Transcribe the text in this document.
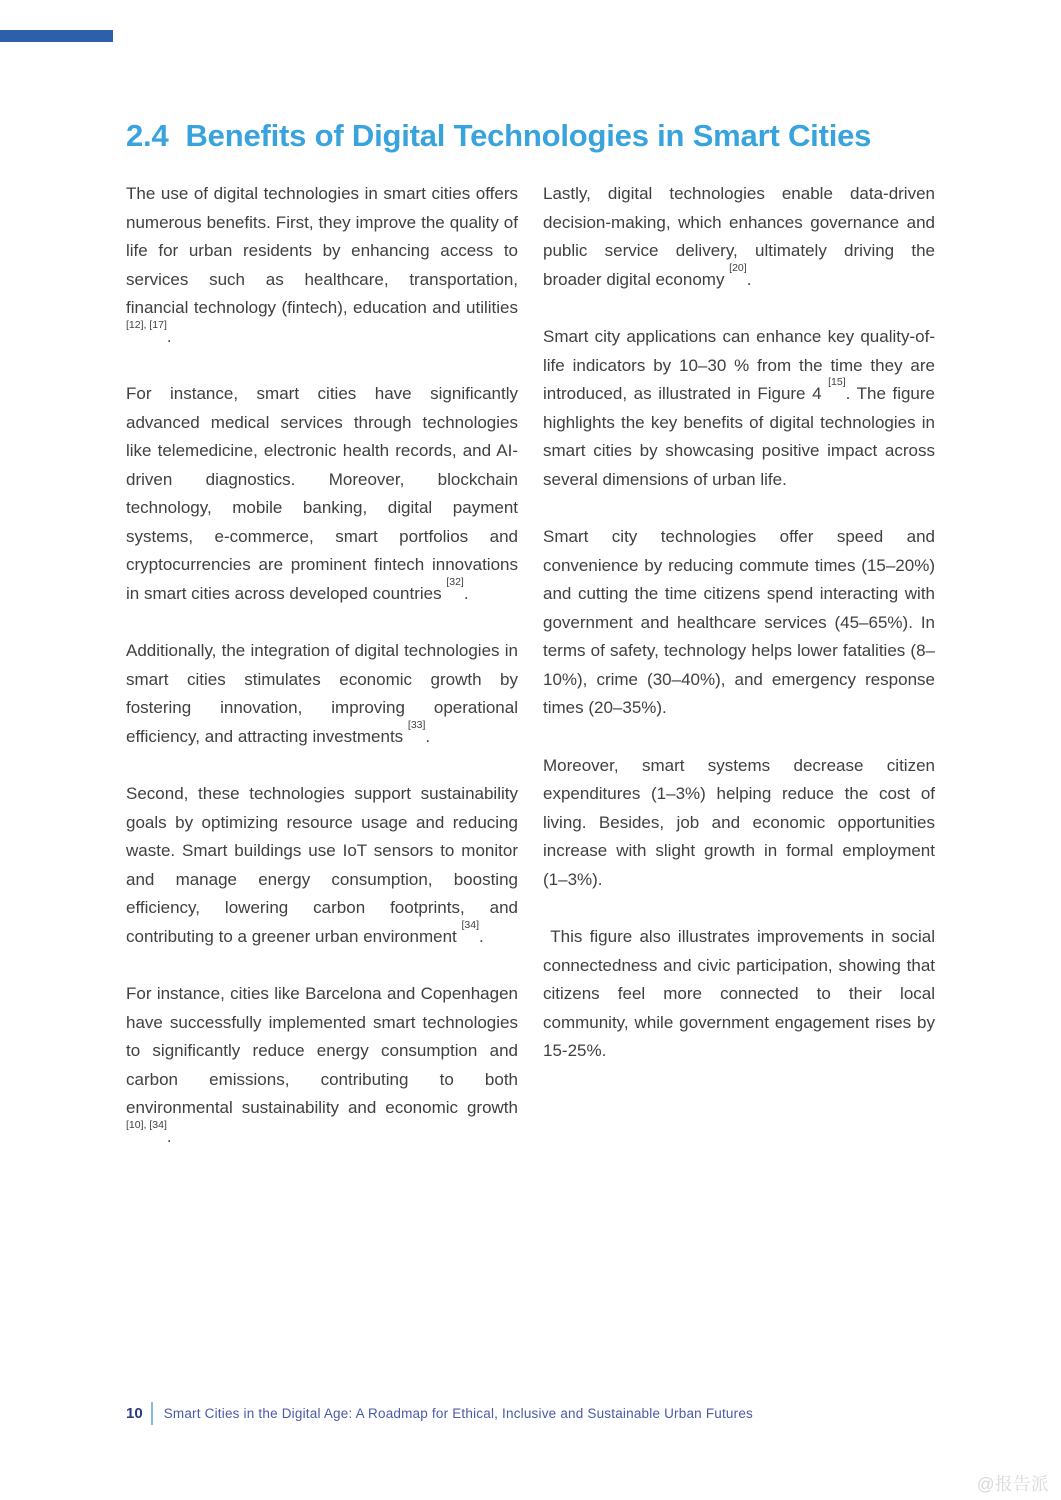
2.4 Benefits of Digital Technologies in Smart Cities

The use of digital technologies in smart cities offers numerous benefits. First, they improve the quality of life for urban residents by enhancing access to services such as healthcare, transportation, financial technology (fintech), education and utilities [12], [17].

For instance, smart cities have significantly advanced medical services through technologies like telemedicine, electronic health records, and AI-driven diagnostics. Moreover, blockchain technology, mobile banking, digital payment systems, e-commerce, smart portfolios and cryptocurrencies are prominent fintech innovations in smart cities across developed countries [32].

Additionally, the integration of digital technologies in smart cities stimulates economic growth by fostering innovation, improving operational efficiency, and attracting investments [33].

Second, these technologies support sustainability goals by optimizing resource usage and reducing waste. Smart buildings use IoT sensors to monitor and manage energy consumption, boosting efficiency, lowering carbon footprints, and contributing to a greener urban environment [34].

For instance, cities like Barcelona and Copenhagen have successfully implemented smart technologies to significantly reduce energy consumption and carbon emissions, contributing to both environmental sustainability and economic growth [10], [34].

Lastly, digital technologies enable data-driven decision-making, which enhances governance and public service delivery, ultimately driving the broader digital economy [20].

Smart city applications can enhance key quality-of-life indicators by 10–30 % from the time they are introduced, as illustrated in Figure 4 [15]. The figure highlights the key benefits of digital technologies in smart cities by showcasing positive impact across several dimensions of urban life.

Smart city technologies offer speed and convenience by reducing commute times (15–20%) and cutting the time citizens spend interacting with government and healthcare services (45–65%). In terms of safety, technology helps lower fatalities (8–10%), crime (30–40%), and emergency response times (20–35%).

Moreover, smart systems decrease citizen expenditures (1–3%) helping reduce the cost of living. Besides, job and economic opportunities increase with slight growth in formal employment (1–3%).

This figure also illustrates improvements in social connectedness and civic participation, showing that citizens feel more connected to their local community, while government engagement rises by 15-25%.

10 Smart Cities in the Digital Age: A Roadmap for Ethical, Inclusive and Sustainable Urban Futures
@报告派
